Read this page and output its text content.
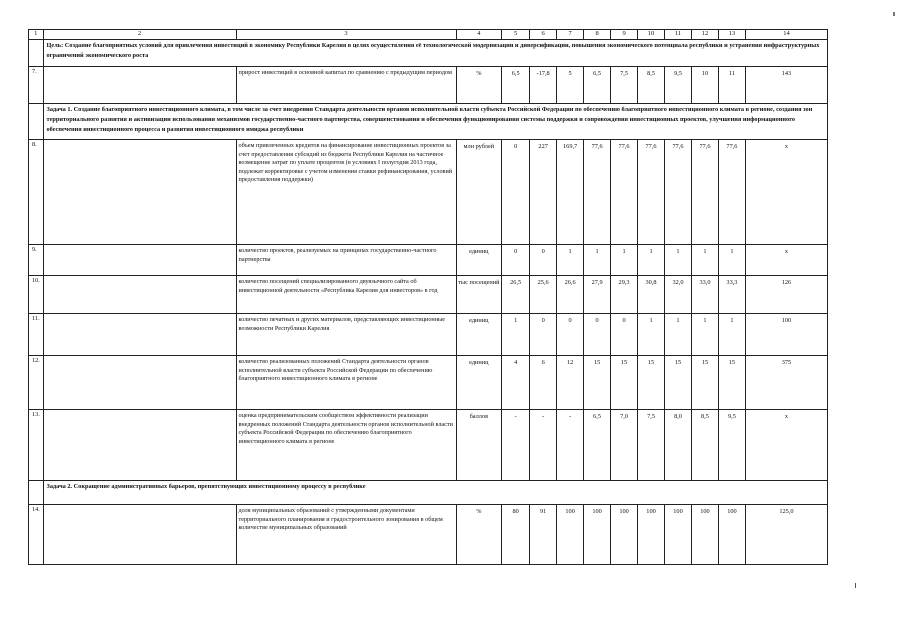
1	2	3	4	5	6	7	8	9	10	11	12	13	14
	Цель: Создание благоприятных условий для привлечения инвестиций в экономику Республики Карелия в целях осуществления её технологической модернизации и диверсификации, повышения экономического потенциала республики и устранения инфраструктурных ограничений экономического роста												
7.		прирост инвестиций в основной капитал по сравнению с предыдущим периодом	%	6,5	-17,8	5	6,5	7,5	8,5	9,5	10	11	143
	Задача 1. Создание благоприятного инвестиционного климата, в том числе за счет внедрения Стандарта деятельности органов исполнительной власти субъекта Российской Федерации по обеспечению благоприятного инвестиционного климата в регионе, создания зон территориального развития и активизации использования механизмов государственно-частного партнерства, совершенствования и обеспечения функционирования системы поддержки и сопровождения инвестиционных проектов, улучшения информационного обеспечения инвестиционного процесса и развития инвестиционного имиджа республики												
8.		объем привлеченных кредитов на финансирование инвестиционных проектов за счет предоставления субсидий из бюджета Республики Карелия на частичное возмещение затрат по уплате процентов (в условиях I полугодия 2013 года, подлежат корректировке с учетом изменения ставки рефинансирования, условий предоставления поддержки)	млн рублей	0	227	169,7	77,6	77,6	77,6	77,6	77,6	77,6	x
9.		количество проектов, реализуемых на принципах государственно-частного партнерства	единиц	0	0	1	1	1	1	1	1	1	x
10.		количество посещений специализированного двуязычного сайта об инвестиционной деятельности «Республика Карелия для инвесторов» в год	тыс посещений	26,5	25,6	26,6	27,9	29,3	30,8	32,0	33,0	33,3	126
11.		количество печатных и других материалов, представляющих инвестиционные возможности Республики Карелия	единиц	1	0	0	0	0	1	1	1	1	100
12.		количество реализованных положений Стандарта деятельности органов исполнительной власти субъекта Российской Федерации по обеспечению благоприятного инвестиционного климата в регионе	единиц	4	6	12	15	15	15	15	15	15	375
13.		оценка предпринимательским сообществом эффективности реализации внедренных положений Стандарта деятельности органов исполнительной власти субъекта Российской Федерации по обеспечению благоприятного инвестиционного климата в регионе	баллов	-	-	-	6,5	7,0	7,5	8,0	8,5	9,5	x
	Задача 2. Сокращение административных барьеров, препятствующих инвестиционному процессу в республике												
14.		доля муниципальных образований с утвержденными документами территориального планирования и градостроительного зонирования в общем количестве муниципальных образований	%	80	91	100	100	100	100	100	100	100	125,0
